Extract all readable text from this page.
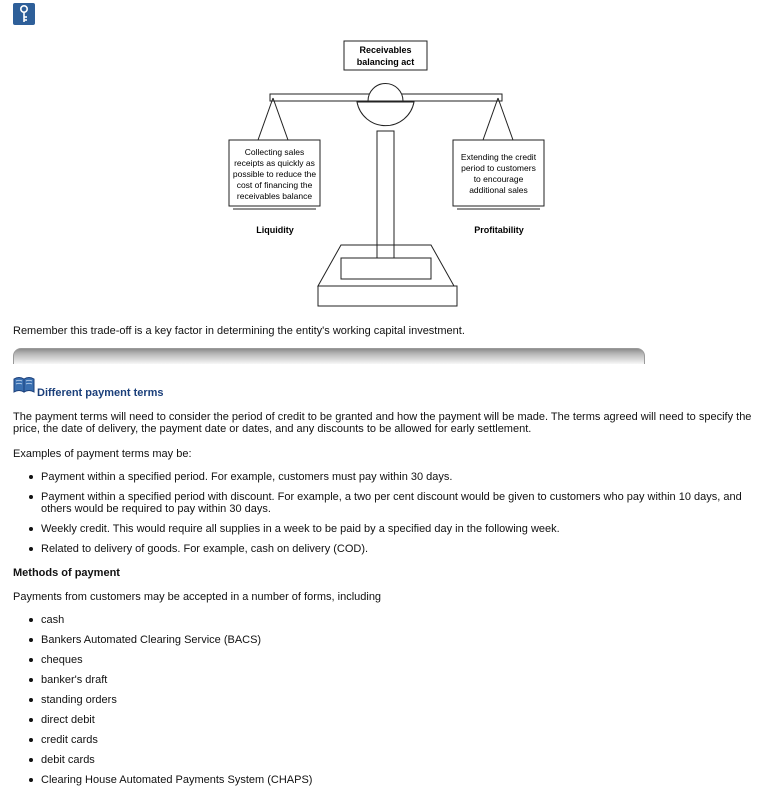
Receivables
balancing act
Collecting sales
receipts as quickly as
possible to reduce the
cost of financing the
receivables balance
Extending the credit
period to customers
to encourage
additional sales
Liquidity	Profitability

Remember this trade-off is a key factor in determining the entity's working capital investment.

Different payment terms

The payment terms will need to consider the period of credit to be granted and how the payment will be made. The terms agreed will need to specify the price, the date of delivery, the payment date or dates, and any discounts to be allowed for early settlement.

Examples of payment terms may be:

Payment within a specified period. For example, customers must pay within 30 days.
Payment within a specified period with discount. For example, a two per cent discount would be given to customers who pay within 10 days, and others would be required to pay within 30 days.
Weekly credit. This would require all supplies in a week to be paid by a specified day in the following week.
Related to delivery of goods. For example, cash on delivery (COD).

Methods of payment

Payments from customers may be accepted in a number of forms, including

cash
Bankers Automated Clearing Service (BACS)
cheques
banker's draft
standing orders
direct debit
credit cards
debit cards
Clearing House Automated Payments System (CHAPS)
